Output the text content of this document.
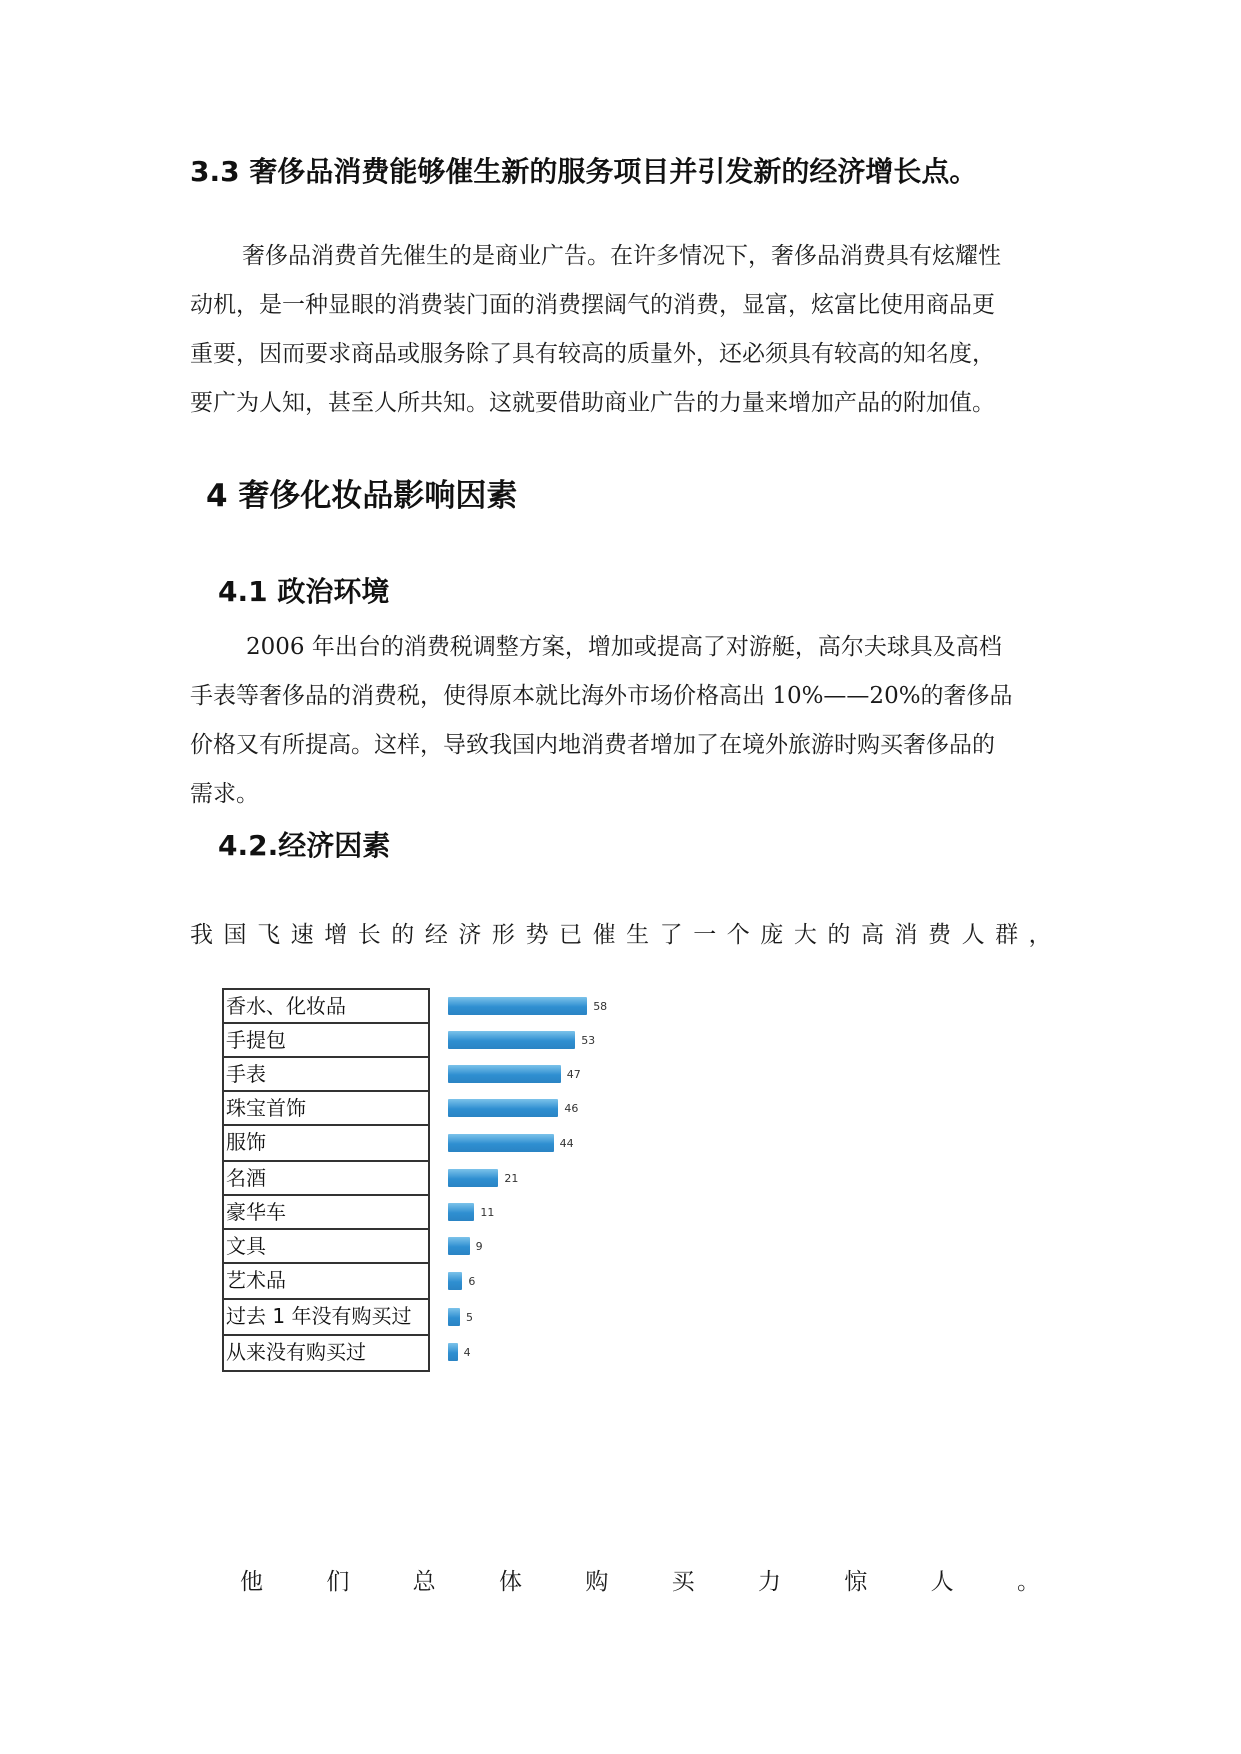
3.3 奢侈品消费能够催生新的服务项目并引发新的经济增长点。
奢侈品消费首先催生的是商业广告。在许多情况下，奢侈品消费具有炫耀性
动机，是一种显眼的消费装门面的消费摆阔气的消费，显富，炫富比使用商品更
重要，因而要求商品或服务除了具有较高的质量外，还必须具有较高的知名度，
要广为人知，甚至人所共知。这就要借助商业广告的力量来增加产品的附加值。
4 奢侈化妆品影响因素
4.1 政治环境
2006 年出台的消费税调整方案，增加或提高了对游艇，高尔夫球具及高档
手表等奢侈品的消费税，使得原本就比海外市场价格高出 10%——20%的奢侈品
价格又有所提高。这样，导致我国内地消费者增加了在境外旅游时购买奢侈品的
需求。
4.2.经济因素
我 国 飞 速 增 长 的 经 济 形 势 已 催 生 了 一 个 庞 大 的 高 消 费 人 群 ，
香水、化妆品
手提包
手表
珠宝首饰
服饰
名酒
豪华车
文具
艺术品
过去 1 年没有购买过
从来没有购买过
58
53
47
46
44
21
11
9
6
5
4
他	们	总	体	购	买	力	惊	人	。
